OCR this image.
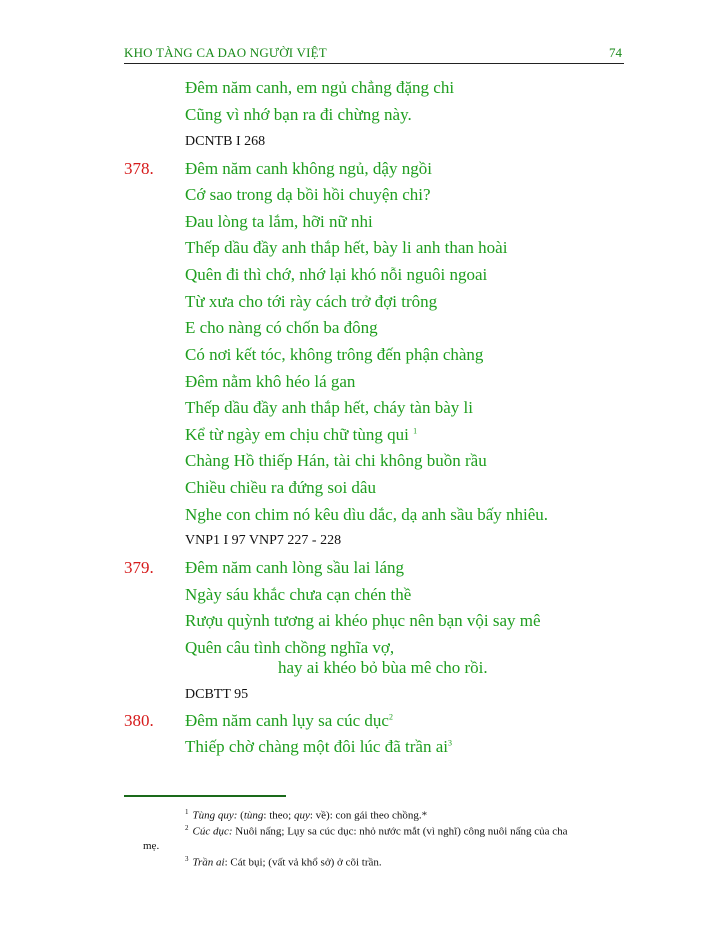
KHO TÀNG CA DAO NGƯỜI VIỆT	74
Đêm năm canh, em ngủ chẳng đặng chi
Cũng vì nhớ bạn ra đi chừng này.
DCNTB I 268
378. Đêm năm canh không ngủ, dậy ngồi
Cớ sao trong dạ bồi hồi chuyện chi?
Đau lòng ta lắm, hỡi nữ nhi
Thếp dầu đầy anh thắp hết, bày li anh than hoài
Quên đi thì chớ, nhớ lại khó nỗi nguôi ngoai
Từ xưa cho tới rày cách trở đợi trông
E cho nàng có chốn ba đông
Có nơi kết tóc, không trông đến phận chàng
Đêm nằm khô héo lá gan
Thếp dầu đầy anh thắp hết, cháy tàn bày li
Kể từ ngày em chịu chữ tùng qui $^1$
Chàng Hồ thiếp Hán, tài chi không buồn rầu
Chiều chiều ra đứng soi dâu
Nghe con chim nó kêu dìu dắc, dạ anh sầu bấy nhiêu.
VNP1 I 97 VNP7 227 - 228
379. Đêm năm canh lòng sầu lai láng
Ngày sáu khắc chưa cạn chén thề
Rượu quỳnh tương ai khéo phục nên bạn vội say mê
Quên câu tình chồng nghĩa vợ,
hay ai khéo bỏ bùa mê cho rồi.
DCBTT 95
380. Đêm năm canh lụy sa cúc dục$^2$
Thiếp chờ chàng một đôi lúc đã trần $ai^3$
$^1$ Tùng quy: (tùng: theo; quy: về): con gái theo chồng.*
$^2$ Cúc dục: Nuôi nấng; Lụy sa cúc dục: nhỏ nước mắt (vì nghĩ) công nuôi nấng của cha
mẹ.
$^3$ Trần ai: Cát bụi; (vất vả khổ sở) ở cõi trần.
